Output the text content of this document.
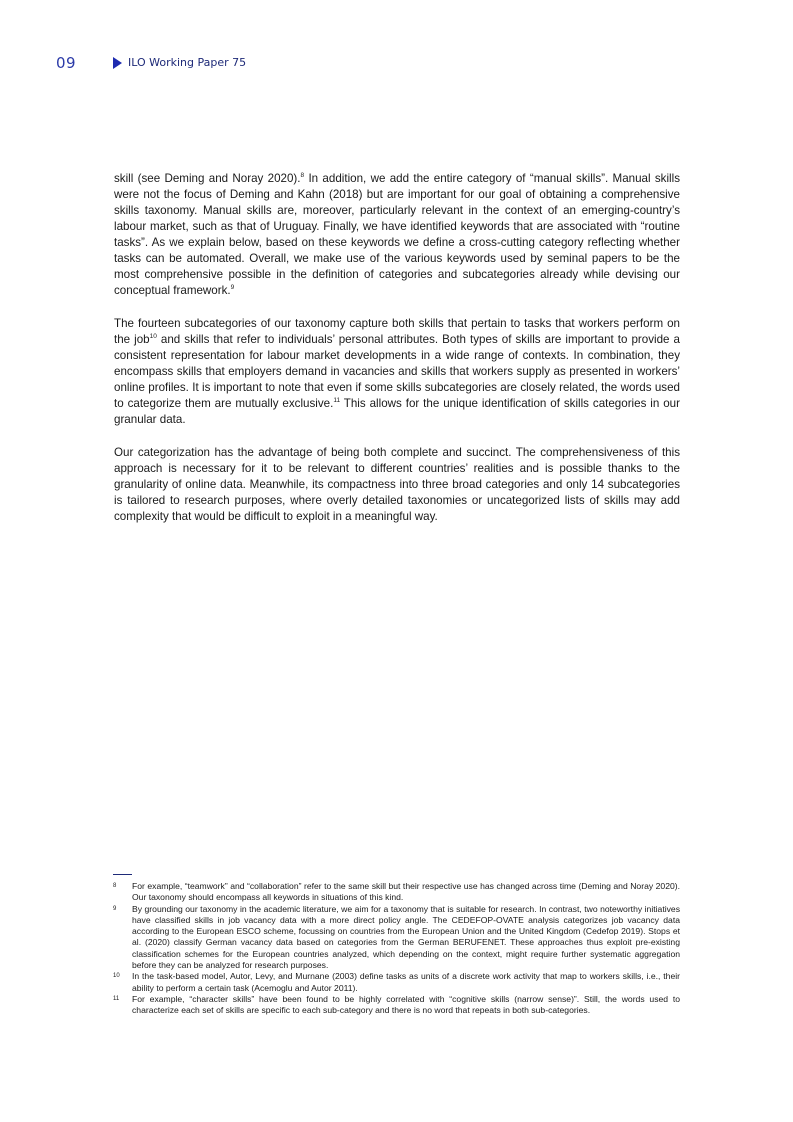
09	ILO Working Paper 75

skill (see Deming and Noray 2020).$^8$ In addition, we add the entire category of “manual skills”. Manual skills were not the focus of Deming and Kahn (2018) but are important for our goal of obtaining a comprehensive skills taxonomy. Manual skills are, moreover, particularly relevant in the context of an emerging-country’s labour market, such as that of Uruguay. Finally, we have identified keywords that are associated with “routine tasks”. As we explain below, based on these keywords we define a cross-cutting category reflecting whether tasks can be automated. Overall, we make use of the various keywords used by seminal papers to be the most comprehensive possible in the definition of categories and subcategories already while devising our conceptual framework.$^9$

The fourteen subcategories of our taxonomy capture both skills that pertain to tasks that workers perform on the job$^{10}$ and skills that refer to individuals’ personal attributes. Both types of skills are important to provide a consistent representation for labour market developments in a wide range of contexts. In combination, they encompass skills that employers demand in vacancies and skills that workers supply as presented in workers’ online profiles. It is important to note that even if some skills subcategories are closely related, the words used to categorize them are mutually exclusive.$^{11}$ This allows for the unique identification of skills categories in our granular data.

Our categorization has the advantage of being both complete and succinct. The comprehensiveness of this approach is necessary for it to be relevant to different countries’ realities and is possible thanks to the granularity of online data. Meanwhile, its compactness into three broad categories and only 14 subcategories is tailored to research purposes, where overly detailed taxonomies or uncategorized lists of skills may add complexity that would be difficult to exploit in a meaningful way.

8	For example, “teamwork” and “collaboration” refer to the same skill but their respective use has changed across time (Deming and Noray 2020). Our taxonomy should encompass all keywords in situations of this kind.
9	By grounding our taxonomy in the academic literature, we aim for a taxonomy that is suitable for research. In contrast, two noteworthy initiatives have classified skills in job vacancy data with a more direct policy angle. The CEDEFOP-OVATE analysis categorizes job vacancy data according to the European ESCO scheme, focussing on countries from the European Union and the United Kingdom (Cedefop 2019). Stops et al. (2020) classify German vacancy data based on categories from the German BERUFENET. These approaches thus exploit pre-existing classification schemes for the European countries analyzed, which depending on the context, might require further systematic aggregation before they can be analyzed for research purposes.
10	In the task-based model, Autor, Levy, and Murnane (2003) define tasks as units of a discrete work activity that map to workers skills, i.e., their ability to perform a certain task (Acemoglu and Autor 2011).
11	For example, “character skills” have been found to be highly correlated with “cognitive skills (narrow sense)”. Still, the words used to characterize each set of skills are specific to each sub-category and there is no word that repeats in both sub-categories.
